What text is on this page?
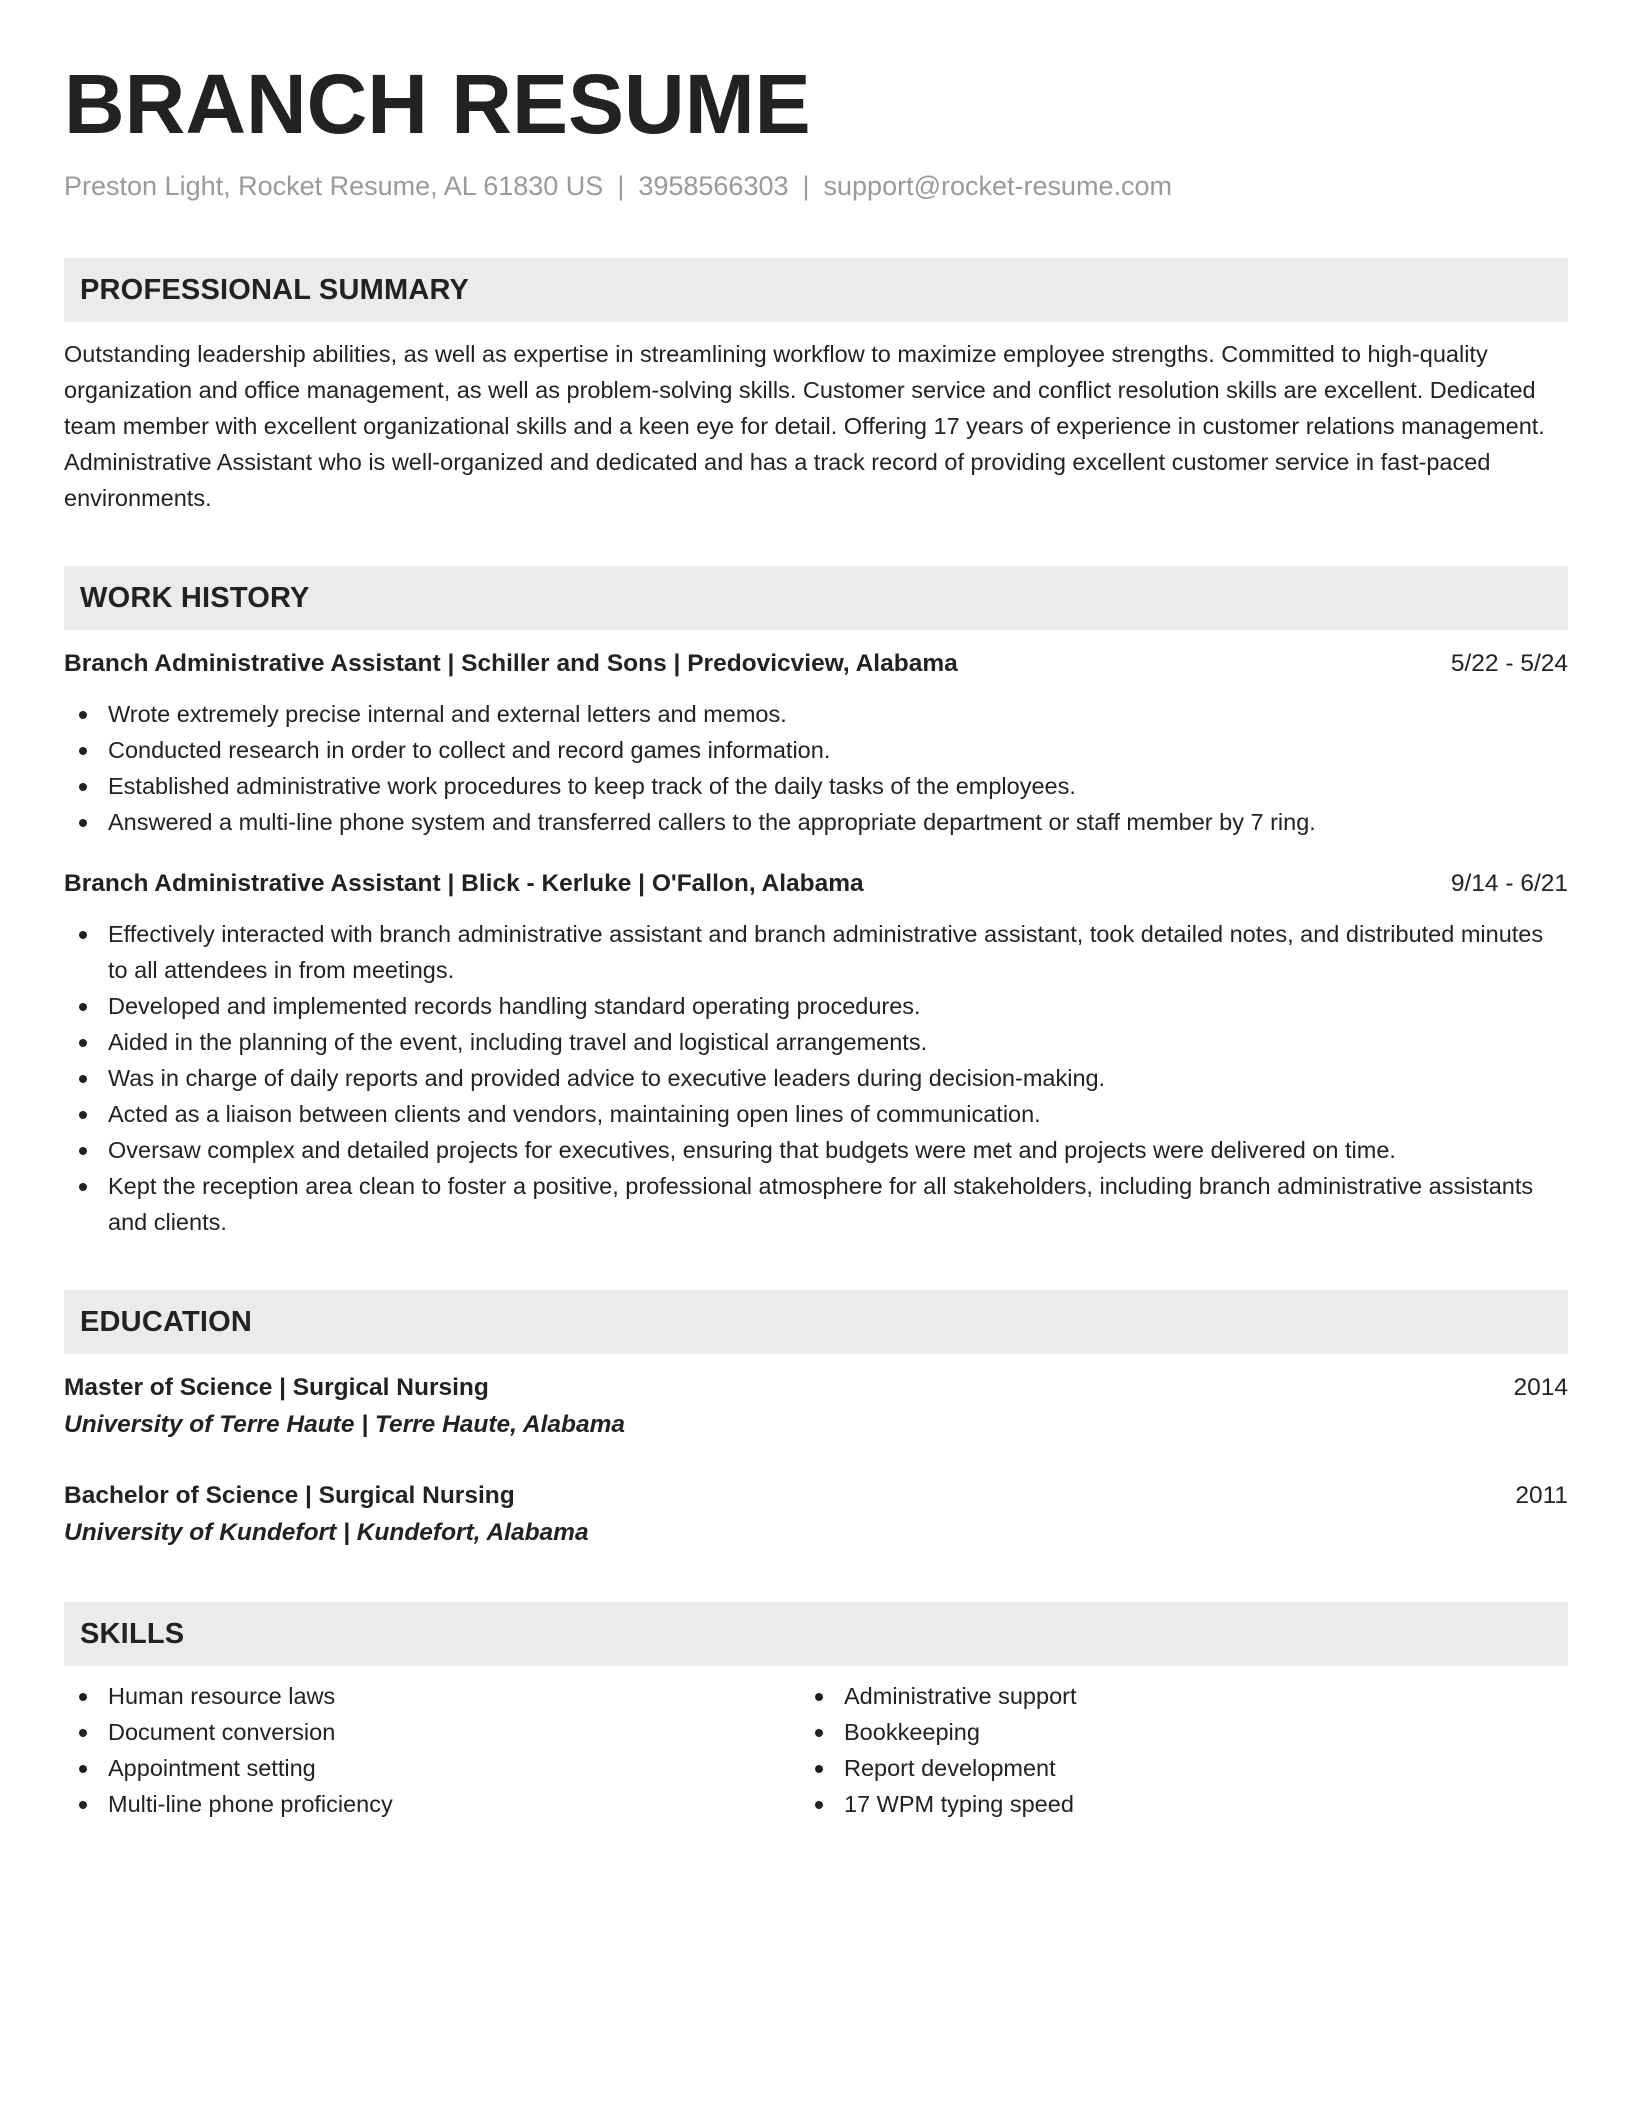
BRANCH RESUME
Preston Light, Rocket Resume, AL 61830 US | 3958566303 | support@rocket-resume.com
PROFESSIONAL SUMMARY
Outstanding leadership abilities, as well as expertise in streamlining workflow to maximize employee strengths. Committed to high-quality organization and office management, as well as problem-solving skills. Customer service and conflict resolution skills are excellent. Dedicated team member with excellent organizational skills and a keen eye for detail. Offering 17 years of experience in customer relations management. Administrative Assistant who is well-organized and dedicated and has a track record of providing excellent customer service in fast-paced environments.
WORK HISTORY
Branch Administrative Assistant | Schiller and Sons | Predovicview, Alabama	5/22 - 5/24
Wrote extremely precise internal and external letters and memos.
Conducted research in order to collect and record games information.
Established administrative work procedures to keep track of the daily tasks of the employees.
Answered a multi-line phone system and transferred callers to the appropriate department or staff member by 7 ring.
Branch Administrative Assistant | Blick - Kerluke | O'Fallon, Alabama	9/14 - 6/21
Effectively interacted with branch administrative assistant and branch administrative assistant, took detailed notes, and distributed minutes to all attendees in from meetings.
Developed and implemented records handling standard operating procedures.
Aided in the planning of the event, including travel and logistical arrangements.
Was in charge of daily reports and provided advice to executive leaders during decision-making.
Acted as a liaison between clients and vendors, maintaining open lines of communication.
Oversaw complex and detailed projects for executives, ensuring that budgets were met and projects were delivered on time.
Kept the reception area clean to foster a positive, professional atmosphere for all stakeholders, including branch administrative assistants and clients.
EDUCATION
Master of Science | Surgical Nursing	2014
University of Terre Haute | Terre Haute, Alabama
Bachelor of Science | Surgical Nursing	2011
University of Kundefort | Kundefort, Alabama
SKILLS
Human resource laws
Document conversion
Appointment setting
Multi-line phone proficiency
Administrative support
Bookkeeping
Report development
17 WPM typing speed
